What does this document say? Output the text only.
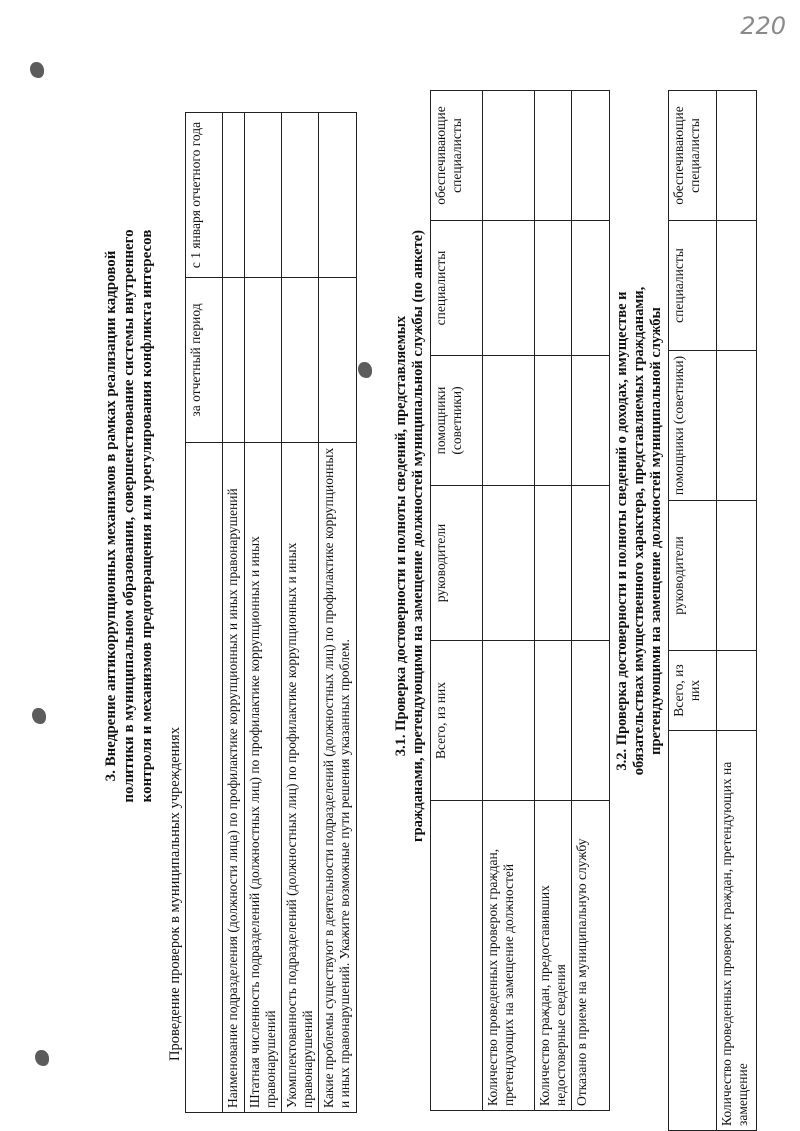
220

3. Внедрение антикоррупционных механизмов в рамках реализации кадровой политики в муниципальном образовании, совершенствование системы внутреннего контроля и механизмов предотвращения или урегулирования конфликта интересов

Проведение проверок в муниципальных учреждениях
	за отчетный период	с 1 января отчетного года
Наименование подразделения (должности лица) по профилактике коррупционных и иных правонарушений		
Штатная численность подразделений (должностных лиц) по профилактике коррупционных и иных правонарушений		
Укомплектованность подразделений (должностных лиц) по профилактике коррупционных и иных правонарушений		
Какие проблемы существуют в деятельности подразделений (должностных лиц) по профилактике коррупционных и иных правонарушений. Укажите возможные пути решения указанных проблем.		

3.1. Проверка достоверности и полноты сведений, представляемых гражданами, претендующими на замещение должностей муниципальной службы (по анкете)

	Всего, из них	руководители	помощники (советники)	специалисты	обеспечивающие специалисты
Количество проведенных проверок граждан, претендующих на замещение должностей					
Количество граждан, предоставивших недостоверные сведения					
Отказано в приеме на муниципальную службу					

3.2. Проверка достоверности и полноты сведений о доходах, имуществе и обязательствах имущественного характера, представляемых гражданами, претендующими на замещение должностей муниципальной службы

	Всего, из них	руководители	помощники (советники)	специалисты	обеспечивающие специалисты
Количество проведенных проверок граждан, претендующих на замещение					
